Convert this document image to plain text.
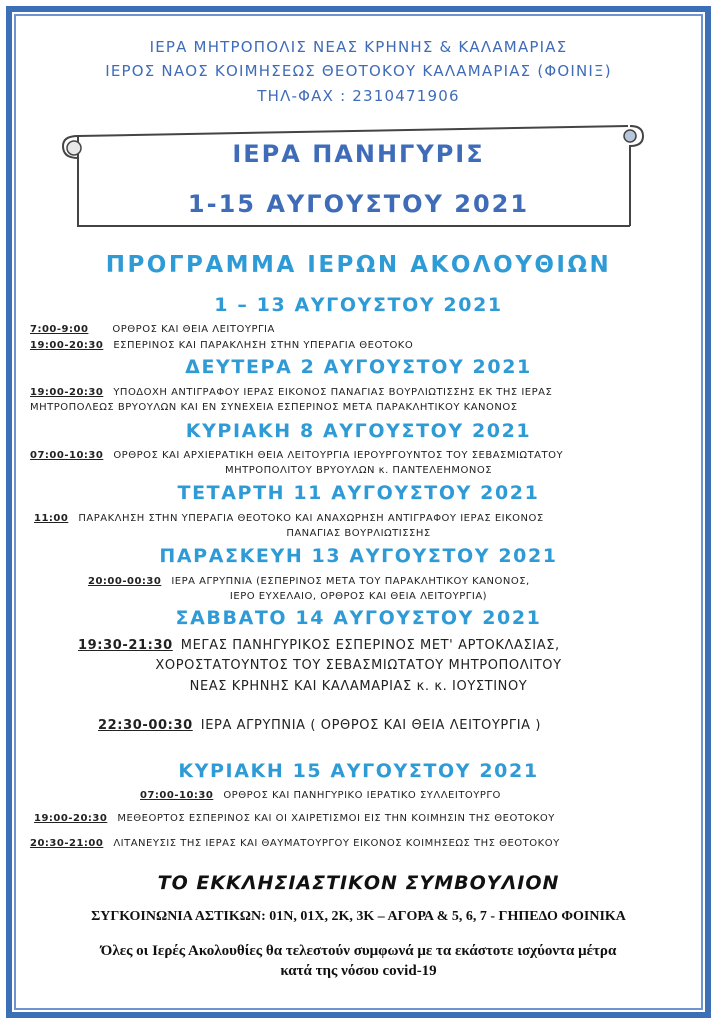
ΙΕΡΑ ΜΗΤΡΟΠΟΛΙΣ ΝΕΑΣ ΚΡΗΝΗΣ & ΚΑΛΑΜΑΡΙΑΣ
ΙΕΡΟΣ ΝΑΟΣ ΚΟΙΜΗΣΕΩΣ ΘΕΟΤΟΚΟΥ ΚΑΛΑΜΑΡΙΑΣ (ΦΟΙΝΙΞ)
ΤΗΛ-ΦΑΧ : 2310471906
ΙΕΡΑ ΠΑΝΗΓΥΡΙΣ
1-15 ΑΥΓΟΥΣΤΟΥ 2021
ΠΡΟΓΡΑΜΜΑ ΙΕΡΩΝ ΑΚΟΛΟΥΘΙΩΝ
1 – 13 ΑΥΓΟΥΣΤΟΥ 2021
7:00-9:00 ΟΡΘΡΟΣ ΚΑΙ ΘΕΙΑ ΛΕΙΤΟΥΡΓΙΑ
19:00-20:30 ΕΣΠΕΡΙΝΟΣ ΚΑΙ ΠΑΡΑΚΛΗΣΗ ΣΤΗΝ ΥΠΕΡΑΓΙΑ ΘΕΟΤΟΚΟ
ΔΕΥΤΕΡΑ 2 ΑΥΓΟΥΣΤΟΥ 2021
19:00-20:30 ΥΠΟΔΟΧΗ ΑΝΤΙΓΡΑΦΟΥ ΙΕΡΑΣ ΕΙΚΟΝΟΣ ΠΑΝΑΓΙΑΣ ΒΟΥΡΛΙΩΤΙΣΣΗΣ ΕΚ ΤΗΣ ΙΕΡΑΣ
ΜΗΤΡΟΠΟΛΕΩΣ ΒΡΥΟΥΛΩΝ ΚΑΙ ΕΝ ΣΥΝΕΧΕΙΑ ΕΣΠΕΡΙΝΟΣ ΜΕΤΑ ΠΑΡΑΚΛΗΤΙΚΟΥ ΚΑΝΟΝΟΣ
ΚΥΡΙΑΚΗ 8 ΑΥΓΟΥΣΤΟΥ 2021
07:00-10:30 ΟΡΘΡΟΣ ΚΑΙ ΑΡΧΙΕΡΑΤΙΚΗ ΘΕΙΑ ΛΕΙΤΟΥΡΓΙΑ ΙΕΡΟΥΡΓΟΥΝΤΟΣ ΤΟΥ ΣΕΒΑΣΜΙΩΤΑΤΟΥ
ΜΗΤΡΟΠΟΛΙΤΟΥ ΒΡΥΟΥΛΩΝ κ. ΠΑΝΤΕΛΕΗΜΟΝΟΣ
ΤΕΤΑΡΤΗ 11 ΑΥΓΟΥΣΤΟΥ 2021
11:00 ΠΑΡΑΚΛΗΣΗ ΣΤΗΝ ΥΠΕΡΑΓΙΑ ΘΕΟΤΟΚΟ ΚΑΙ ΑΝΑΧΩΡΗΣΗ ΑΝΤΙΓΡΑΦΟΥ ΙΕΡΑΣ ΕΙΚΟΝΟΣ
ΠΑΝΑΓΙΑΣ ΒΟΥΡΛΙΩΤΙΣΣΗΣ
ΠΑΡΑΣΚΕΥΗ 13 ΑΥΓΟΥΣΤΟΥ 2021
20:00-00:30 ΙΕΡΑ ΑΓΡΥΠΝΙΑ (ΕΣΠΕΡΙΝΟΣ ΜΕΤΑ ΤΟΥ ΠΑΡΑΚΛΗΤΙΚΟΥ ΚΑΝΟΝΟΣ,
ΙΕΡΟ ΕΥΧΕΛΑΙΟ, ΟΡΘΡΟΣ ΚΑΙ ΘΕΙΑ ΛΕΙΤΟΥΡΓΙΑ)
ΣΑΒΒΑΤΟ 14 ΑΥΓΟΥΣΤΟΥ 2021
19:30-21:30 ΜΕΓΑΣ ΠΑΝΗΓΥΡΙΚΟΣ ΕΣΠΕΡΙΝΟΣ ΜΕΤ' ΑΡΤΟΚΛΑΣΙΑΣ,
ΧΟΡΟΣΤΑΤΟΥΝΤΟΣ ΤΟΥ ΣΕΒΑΣΜΙΩΤΑΤΟΥ ΜΗΤΡΟΠΟΛΙΤΟΥ
ΝΕΑΣ ΚΡΗΝΗΣ ΚΑΙ ΚΑΛΑΜΑΡΙΑΣ κ. κ. ΙΟΥΣΤΙΝΟΥ
22:30-00:30 ΙΕΡΑ ΑΓΡΥΠΝΙΑ ( ΟΡΘΡΟΣ ΚΑΙ ΘΕΙΑ ΛΕΙΤΟΥΡΓΙΑ )
ΚΥΡΙΑΚΗ 15 ΑΥΓΟΥΣΤΟΥ 2021
07:00-10:30 ΟΡΘΡΟΣ ΚΑΙ ΠΑΝΗΓΥΡΙΚΟ ΙΕΡΑΤΙΚΟ ΣΥΛΛΕΙΤΟΥΡΓΟ
19:00-20:30 ΜΕΘΕΟΡΤΟΣ ΕΣΠΕΡΙΝΟΣ ΚΑΙ ΟΙ ΧΑΙΡΕΤΙΣΜΟΙ ΕΙΣ ΤΗΝ ΚΟΙΜΗΣΙΝ ΤΗΣ ΘΕΟΤΟΚΟΥ
20:30-21:00 ΛΙΤΑΝΕΥΣΙΣ ΤΗΣ ΙΕΡΑΣ ΚΑΙ ΘΑΥΜΑΤΟΥΡΓΟΥ ΕΙΚΟΝΟΣ ΚΟΙΜΗΣΕΩΣ ΤΗΣ ΘΕΟΤΟΚΟΥ
ΤΟ ΕΚΚΛΗΣΙΑΣΤΙΚΟΝ ΣΥΜΒΟΥΛΙΟΝ
ΣΥΓΚΟΙΝΩΝΙΑ ΑΣΤΙΚΩΝ: 01Ν, 01Χ, 2Κ, 3Κ – ΑΓΟΡΑ & 5, 6, 7 - ΓΗΠΕΔΟ ΦΟΙΝΙΚΑ
Όλες οι Ιερές Ακολουθίες θα τελεστούν συμφωνά με τα εκάστοτε ισχύοντα μέτρα
κατά της νόσου covid-19
